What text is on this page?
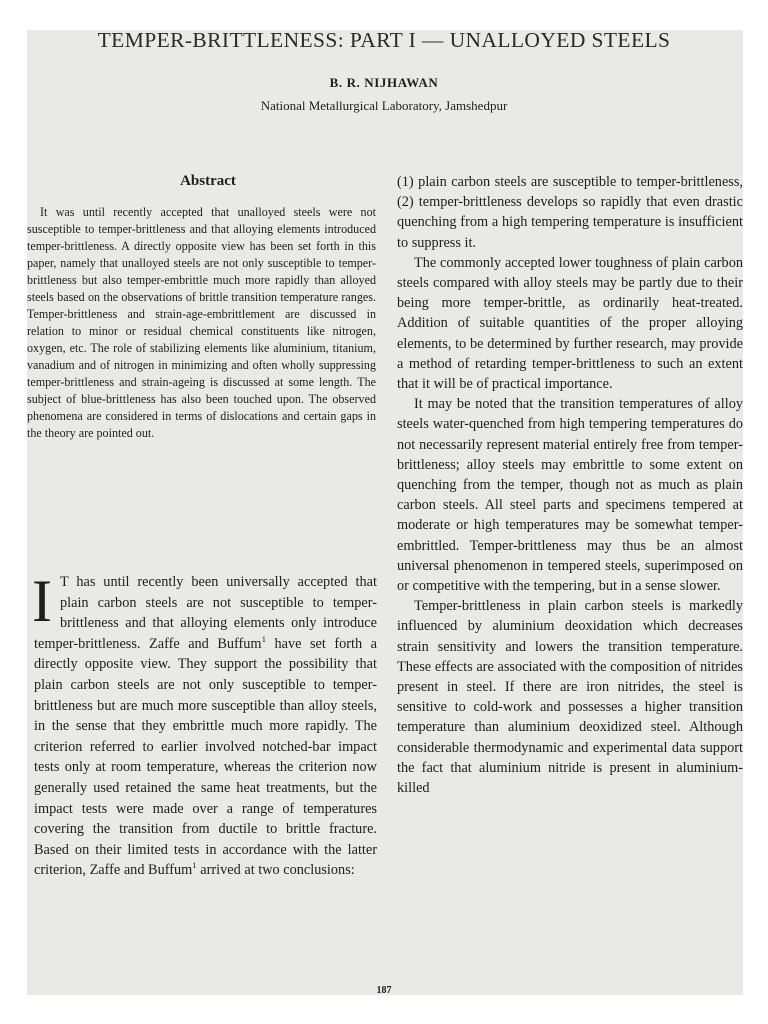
TEMPER-BRITTLENESS: PART I — UNALLOYED STEELS
B. R. NIJHAWAN
National Metallurgical Laboratory, Jamshedpur
Abstract

It was until recently accepted that unalloyed steels were not susceptible to temper-brittleness and that alloying elements introduced temper-brittleness. A directly opposite view has been set forth in this paper, namely that unalloyed steels are not only susceptible to temper-brittleness but also temper-embrittle much more rapidly than alloyed steels based on the observations of brittle transition temperature ranges. Temper-brittleness and strain-age-embrittlement are discussed in relation to minor or residual chemical constituents like nitrogen, oxygen, etc. The role of stabilizing elements like aluminium, titanium, vanadium and of nitrogen in minimizing and often wholly suppressing temper-brittleness and strain-ageing is discussed at some length. The subject of blue-brittleness has also been touched upon. The observed phenomena are considered in terms of dislocations and certain gaps in the theory are pointed out.

I T has until recently been universally accepted that plain carbon steels are not susceptible to temper-brittleness and that alloying elements only introduce temper-brittleness. Zaffe and Buffum$^1$ have set forth a directly opposite view. They support the possibility that plain carbon steels are not only susceptible to temper-brittleness but are much more susceptible than alloy steels, in the sense that they embrittle much more rapidly. The criterion referred to earlier involved notched-bar impact tests only at room temperature, whereas the criterion now generally used retained the same heat treatments, but the impact tests were made over a range of temperatures covering the transition from ductile to brittle fracture. Based on their limited tests in accordance with the latter criterion, Zaffe and Buffum$^1$ arrived at two conclusions:

(1) plain carbon steels are susceptible to temper-brittleness, (2) temper-brittleness develops so rapidly that even drastic quenching from a high tempering temperature is insufficient to suppress it.

The commonly accepted lower toughness of plain carbon steels compared with alloy steels may be partly due to their being more temper-brittle, as ordinarily heat-treated. Addition of suitable quantities of the proper alloying elements, to be determined by further research, may provide a method of retarding temper-brittleness to such an extent that it will be of practical importance.

It may be noted that the transition temperatures of alloy steels water-quenched from high tempering temperatures do not necessarily represent material entirely free from temper-brittleness; alloy steels may embrittle to some extent on quenching from the temper, though not as much as plain carbon steels. All steel parts and specimens tempered at moderate or high temperatures may be somewhat temper-embrittled. Temper-brittleness may thus be an almost universal phenomenon in tempered steels, superimposed on or competitive with the tempering, but in a sense slower.

Temper-brittleness in plain carbon steels is markedly influenced by aluminium deoxidation which decreases strain sensitivity and lowers the transition temperature. These effects are associated with the composition of nitrides present in steel. If there are iron nitrides, the steel is sensitive to cold-work and possesses a higher transition temperature than aluminium deoxidized steel. Although considerable thermodynamic and experimental data support the fact that aluminium nitride is present in aluminium-killed

187
